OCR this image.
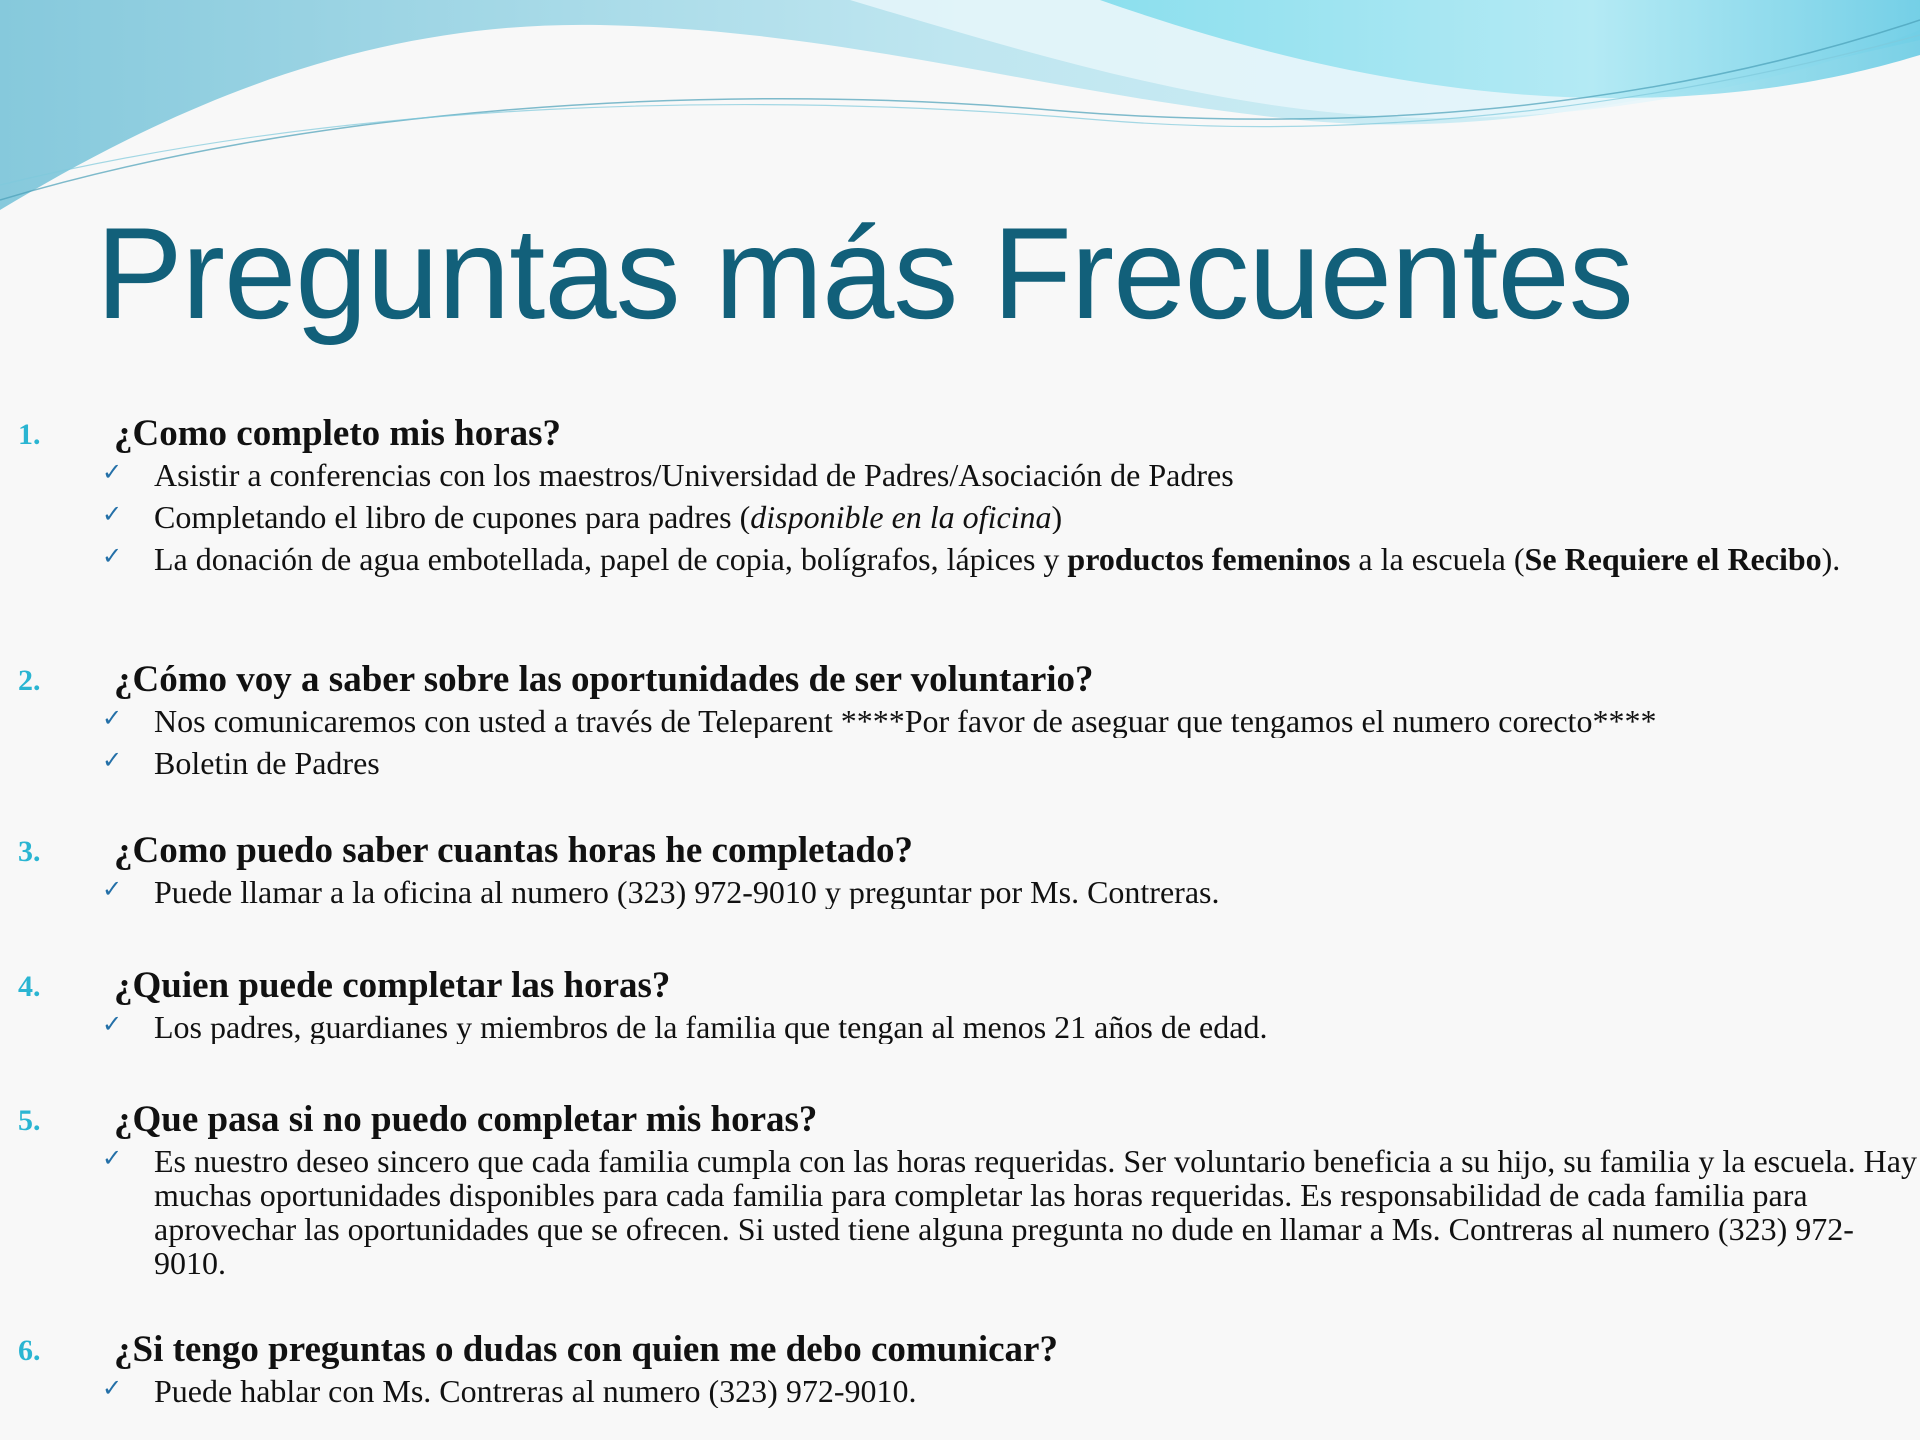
Preguntas más Frecuentes
1. ¿Como completo mis horas?
✓ Asistir a conferencias con los maestros/Universidad de Padres/Asociación de Padres
✓ Completando el libro de cupones para padres (disponible en la oficina)
✓ La donación de agua embotellada, papel de copia, bolígrafos, lápices y productos femeninos a la escuela (Se Requiere el Recibo).
2. ¿Cómo voy a saber sobre las oportunidades de ser voluntario?
✓ Nos comunicaremos con usted a través de Teleparent ****Por favor de aseguar que tengamos el numero corecto****
✓ Boletin de Padres
3. ¿Como puedo saber cuantas horas he completado?
✓ Puede llamar a la oficina al numero (323) 972-9010 y preguntar por Ms. Contreras.
4. ¿Quien puede completar las horas?
✓ Los padres, guardianes y miembros de la familia que tengan al menos 21 años de edad.
5. ¿Que pasa si no puedo completar mis horas?
✓ Es nuestro deseo sincero que cada familia cumpla con las horas requeridas. Ser voluntario beneficia a su hijo, su familia y la escuela. Hay muchas oportunidades disponibles para cada familia para completar las horas requeridas. Es responsabilidad de cada familia para aprovechar las oportunidades que se ofrecen. Si usted tiene alguna pregunta no dude en llamar a Ms. Contreras al numero (323) 972-9010.
6. ¿Si tengo preguntas o dudas con quien me debo comunicar?
✓ Puede hablar con Ms. Contreras al numero (323) 972-9010.
